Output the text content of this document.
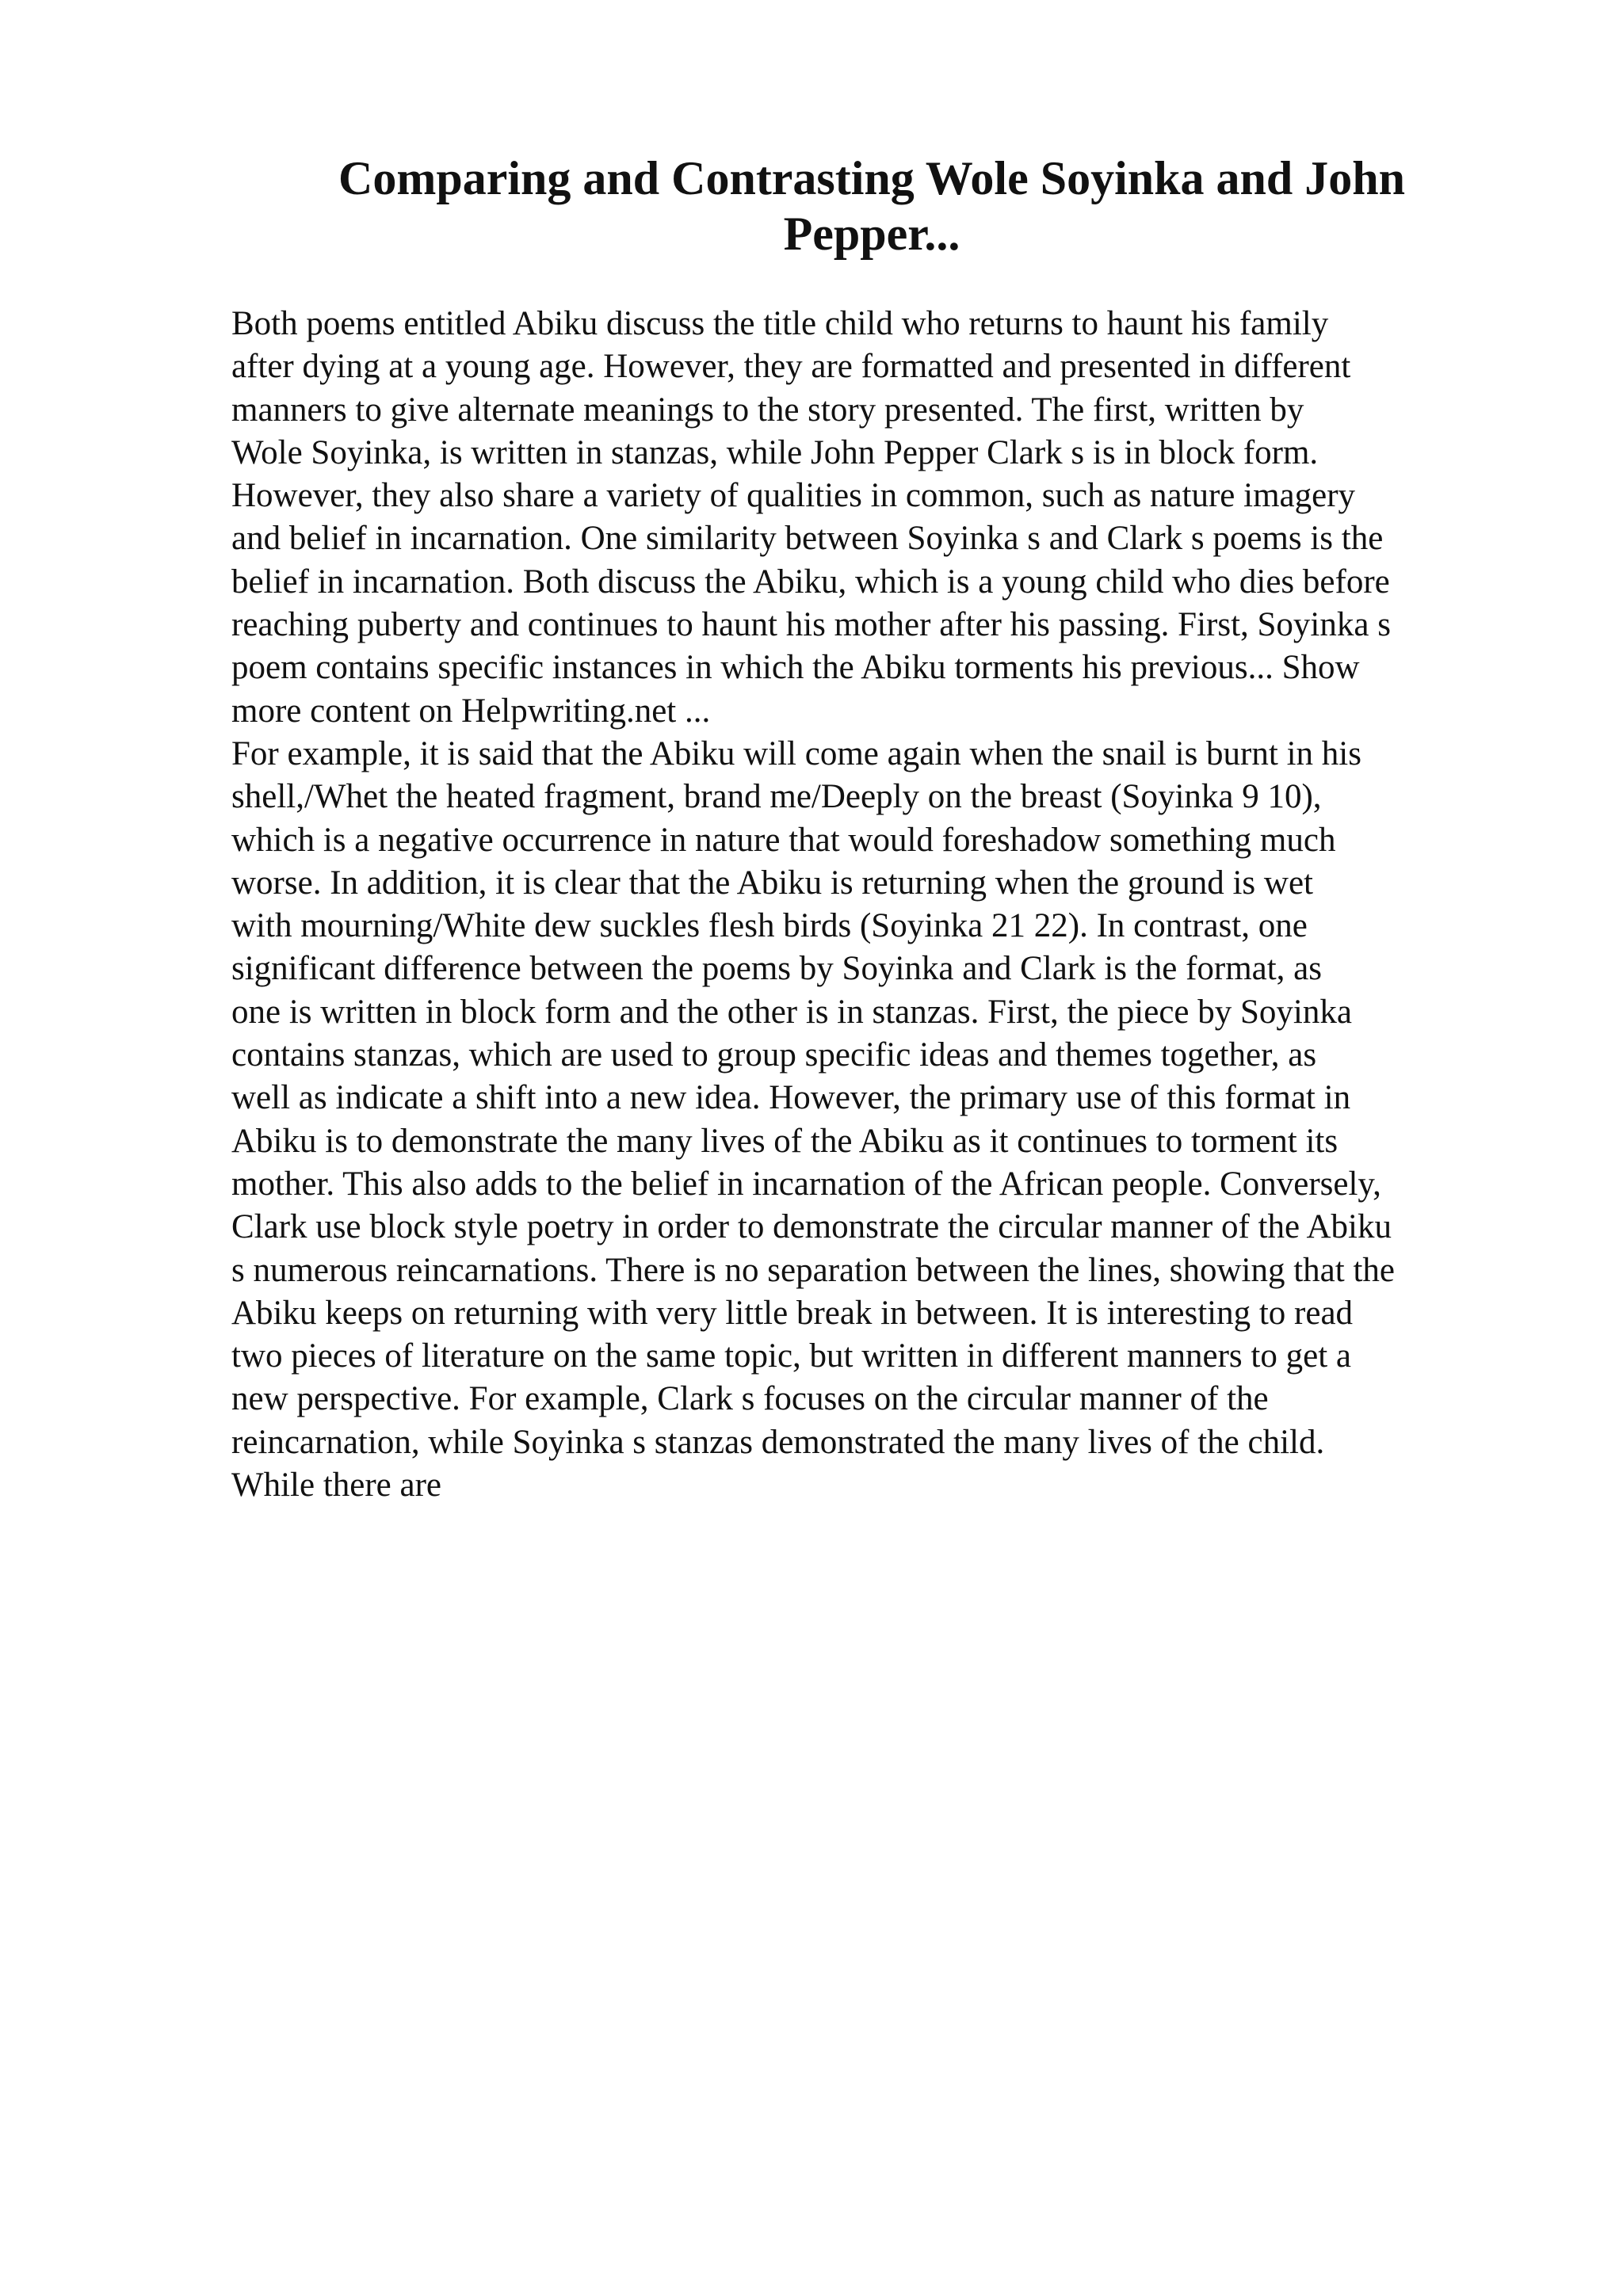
Comparing and Contrasting Wole Soyinka and John
Pepper...
Both poems entitled Abiku discuss the title child who returns to haunt his family
after dying at a young age. However, they are formatted and presented in different
manners to give alternate meanings to the story presented. The first, written by
Wole Soyinka, is written in stanzas, while John Pepper Clark s is in block form.
However, they also share a variety of qualities in common, such as nature imagery
and belief in incarnation. One similarity between Soyinka s and Clark s poems is the
belief in incarnation. Both discuss the Abiku, which is a young child who dies before
reaching puberty and continues to haunt his mother after his passing. First, Soyinka s
poem contains specific instances in which the Abiku torments his previous... Show
more content on Helpwriting.net ...
For example, it is said that the Abiku will come again when the snail is burnt in his
shell,/Whet the heated fragment, brand me/Deeply on the breast (Soyinka 9 10),
which is a negative occurrence in nature that would foreshadow something much
worse. In addition, it is clear that the Abiku is returning when the ground is wet
with mourning/White dew suckles flesh birds (Soyinka 21 22). In contrast, one
significant difference between the poems by Soyinka and Clark is the format, as
one is written in block form and the other is in stanzas. First, the piece by Soyinka
contains stanzas, which are used to group specific ideas and themes together, as
well as indicate a shift into a new idea. However, the primary use of this format in
Abiku is to demonstrate the many lives of the Abiku as it continues to torment its
mother. This also adds to the belief in incarnation of the African people. Conversely,
Clark use block style poetry in order to demonstrate the circular manner of the Abiku
s numerous reincarnations. There is no separation between the lines, showing that the
Abiku keeps on returning with very little break in between. It is interesting to read
two pieces of literature on the same topic, but written in different manners to get a
new perspective. For example, Clark s focuses on the circular manner of the
reincarnation, while Soyinka s stanzas demonstrated the many lives of the child.
While there are
